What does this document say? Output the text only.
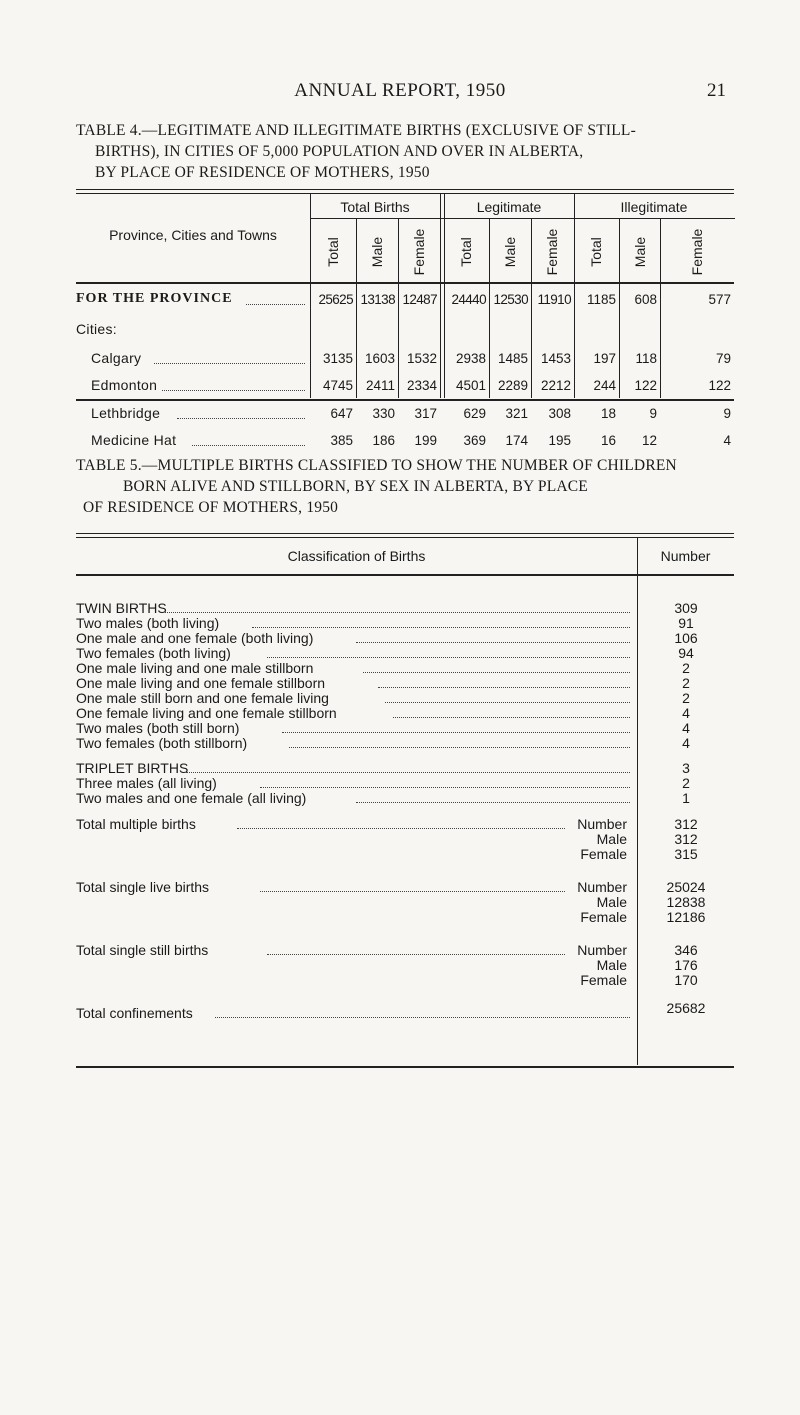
ANNUAL REPORT, 1950	21
TABLE 4.—LEGITIMATE AND ILLEGITIMATE BIRTHS (EXCLUSIVE OF STILL-
BIRTHS), IN CITIES OF 5,000 POPULATION AND OVER IN ALBERTA,
BY PLACE OF RESIDENCE OF MOTHERS, 1950
Province, Cities and Towns
Total Births	Legitimate	Illegitimate
Total Male Female Total Male Female Total Male	Female
FOR THE PROVINCE	25625 13138 12487	24440 12530 11910	1185	608	577
Cities:
Calgary	3135 1603 1532	2938 1485 1453	197	118	79
Edmonton	4745 2411 2334	4501 2289 2212	244	122	122
Lethbridge	647	330	317	629	321	308	18	9	9
Medicine Hat	385	186	199	369	174	195	16	12	4
TABLE 5.—MULTIPLE BIRTHS CLASSIFIED TO SHOW THE NUMBER OF CHILDREN
BORN ALIVE AND STILLBORN, BY SEX IN ALBERTA, BY PLACE
OF RESIDENCE OF MOTHERS, 1950
Classification of Births	Number
TWIN BIRTHS	309
Two males (both living)	91
One male and one female (both living)	106
Two females (both living)	94
One male living and one male stillborn	2
One male living and one female stillborn	2
One male still born and one female living	2
One female living and one female stillborn	4
Two males (both still born)	4
Two females (both stillborn)	4
TRIPLET BIRTHS	3
Three males (all living)	2
Two males and one female (all living)	1
Total multiple births	Number	312
Male	312
Female	315
Total single live births	Number	25024
Male	12838
Female	12186
Total single still births	Number	346
Male	176
Female	170
Total confinements	25682
